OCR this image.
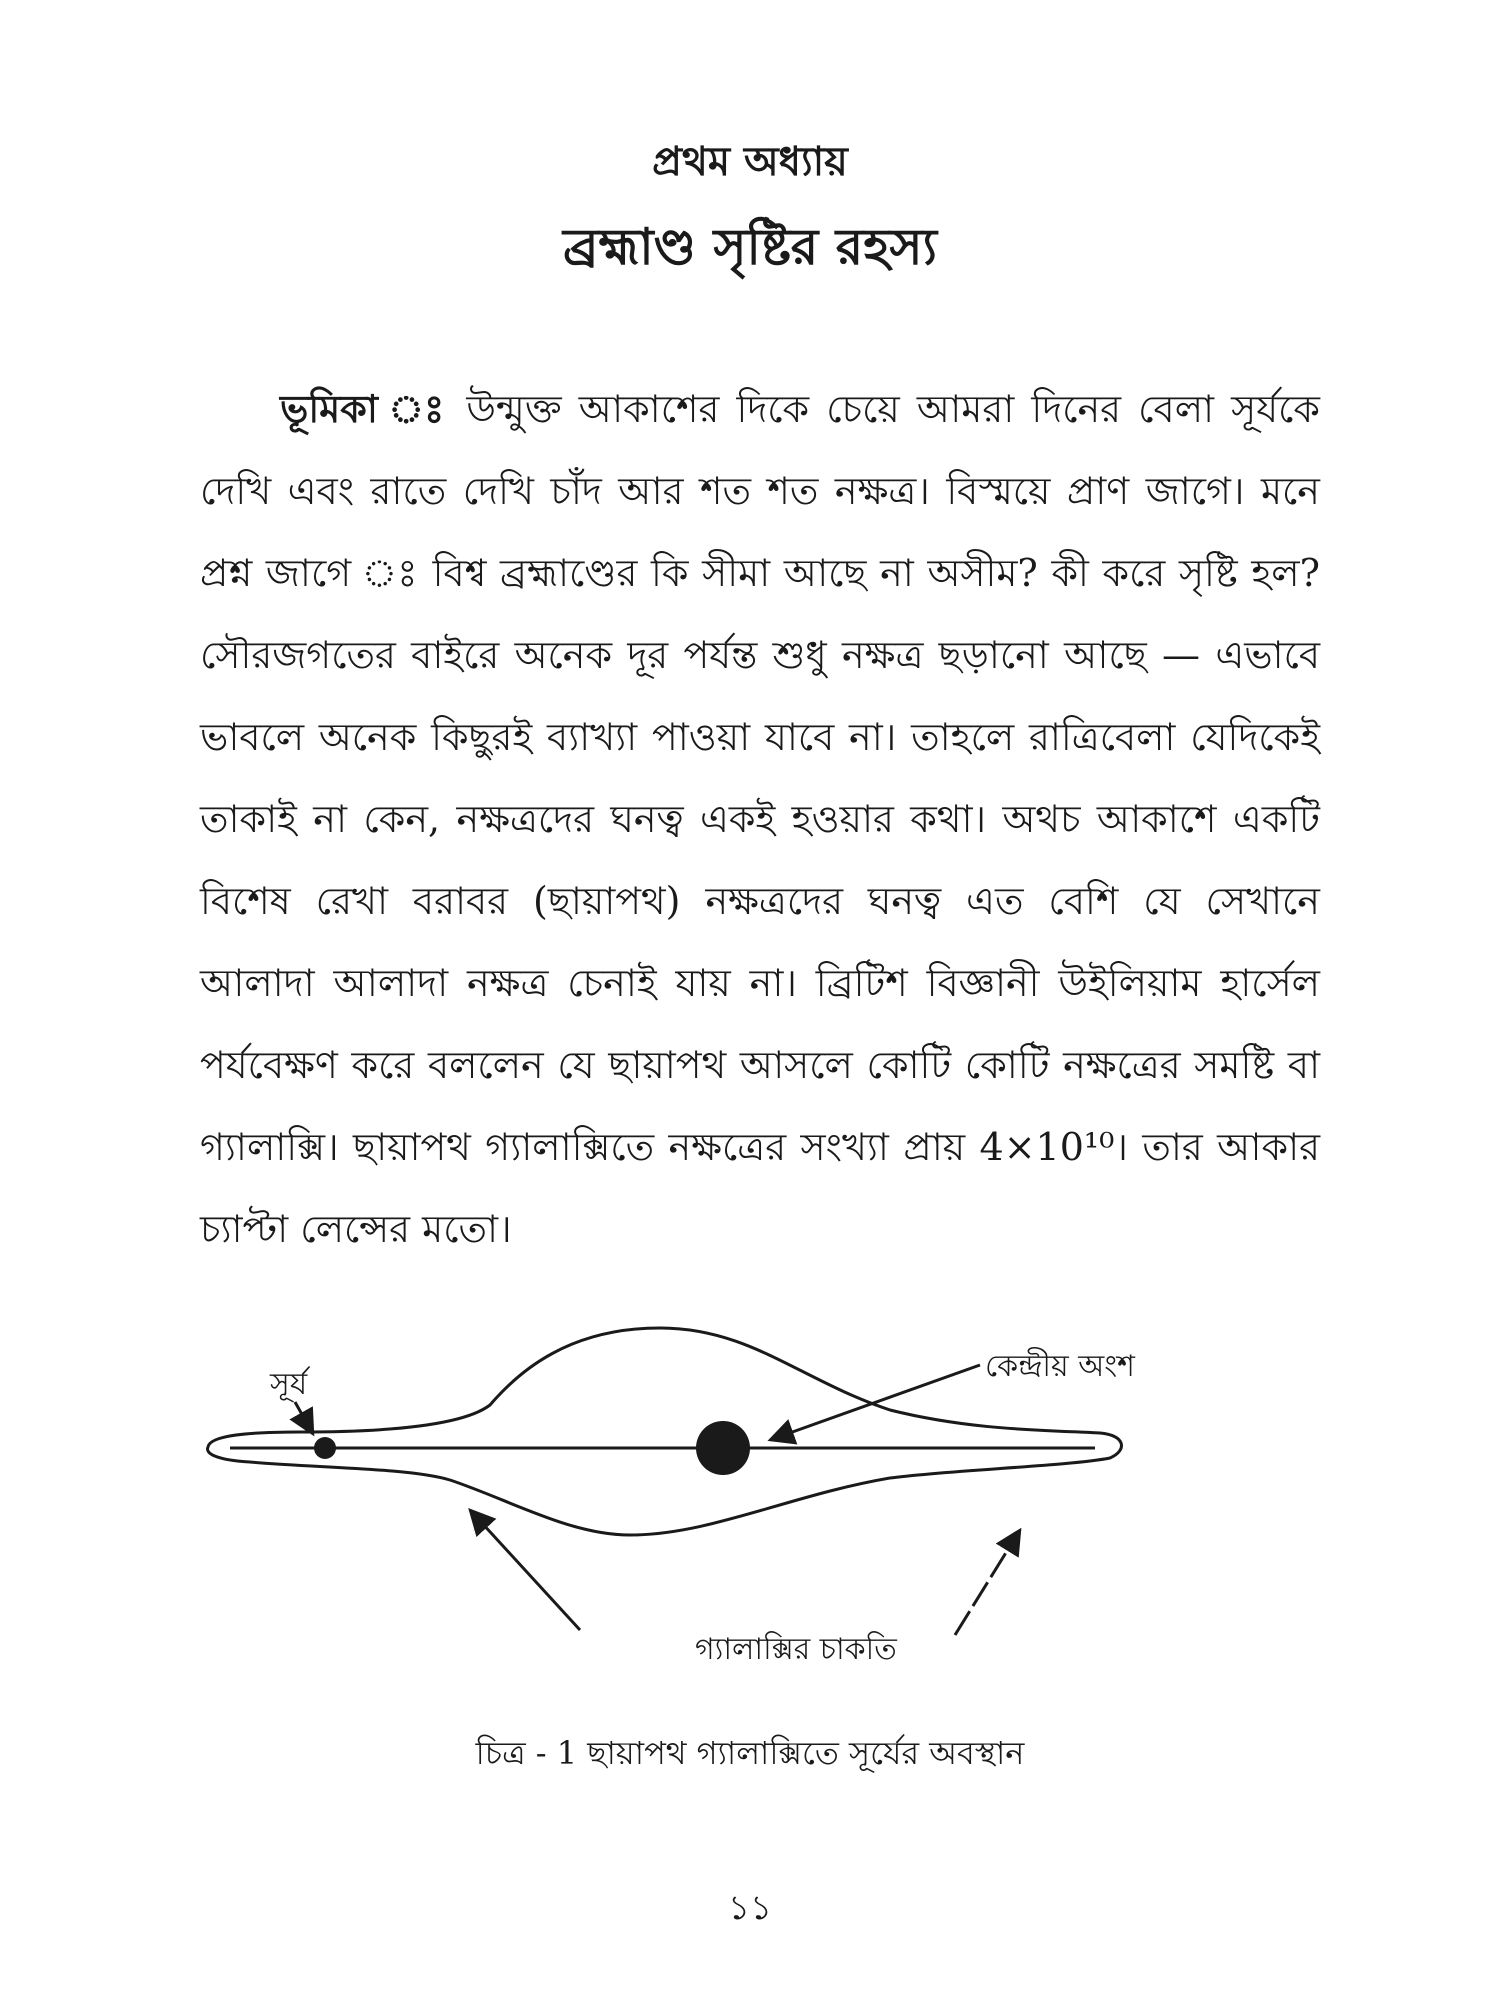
প্রথম অধ্যায়
ব্রহ্মাণ্ড সৃষ্টির রহস্য

ভূমিকা ঃ উন্মুক্ত আকাশের দিকে চেয়ে আমরা দিনের বেলা সূর্যকে দেখি এবং রাতে দেখি চাঁদ আর শত শত নক্ষত্র। বিস্ময়ে প্রাণ জাগে। মনে প্রশ্ন জাগে ঃ বিশ্ব ব্রহ্মাণ্ডের কি সীমা আছে না অসীম? কী করে সৃষ্টি হল? সৌরজগতের বাইরে অনেক দূর পর্যন্ত শুধু নক্ষত্র ছড়ানো আছে — এভাবে ভাবলে অনেক কিছুরই ব্যাখ্যা পাওয়া যাবে না। তাহলে রাত্রিবেলা যেদিকেই তাকাই না কেন, নক্ষত্রদের ঘনত্ব একই হওয়ার কথা। অথচ আকাশে একটি বিশেষ রেখা বরাবর (ছায়াপথ) নক্ষত্রদের ঘনত্ব এত বেশি যে সেখানে আলাদা আলাদা নক্ষত্র চেনাই যায় না। ব্রিটিশ বিজ্ঞানী উইলিয়াম হার্সেল পর্যবেক্ষণ করে বললেন যে ছায়াপথ আসলে কোটি কোটি নক্ষত্রের সমষ্টি বা গ্যালাক্সি। ছায়াপথ গ্যালাক্সিতে নক্ষত্রের সংখ্যা প্রায় 4×10¹⁰। তার আকার চ্যাপ্টা লেন্সের মতো।

সূর্য
কেন্দ্রীয় অংশ
গ্যালাক্সির চাকতি
চিত্র - 1 ছায়াপথ গ্যালাক্সিতে সূর্যের অবস্থান
১১
